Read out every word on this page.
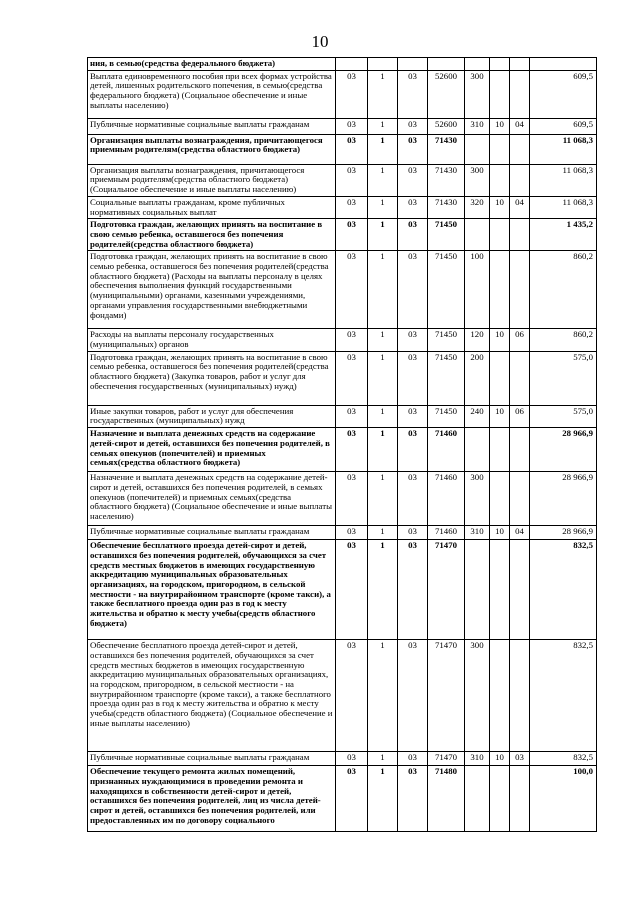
10
ния, в семью(средства федерального бюджета)								
Выплата единовременного пособия при всех формах устройства детей, лишенных родительского попечения, в семью(средства федерального бюджета) (Социальное обеспечение и иные выплаты населению)	03	1	03	52600	300			609,5
Публичные нормативные социальные выплаты гражданам	03	1	03	52600	310	10	04	609,5
Организация выплаты вознаграждения, причитающегося приемным родителям(средства областного бюджета)	03	1	03	71430				11 068,3
Организация выплаты вознаграждения, причитающегося приемным родителям(средства областного бюджета) (Социальное обеспечение и иные выплаты населению)	03	1	03	71430	300			11 068,3
Социальные выплаты гражданам, кроме публичных нормативных социальных выплат	03	1	03	71430	320	10	04	11 068,3
Подготовка граждан, желающих принять на воспитание в свою семью ребенка, оставшегося без попечения родителей(средства областного бюджета)	03	1	03	71450				1 435,2
Подготовка граждан, желающих принять на воспитание в свою семью ребенка, оставшегося без попечения родителей(средства областного бюджета) (Расходы на выплаты персоналу в целях обеспечения выполнения функций государственными (муниципальными) органами, казенными учреждениями, органами управления государственными внебюджетными фондами)	03	1	03	71450	100			860,2
Расходы на выплаты персоналу государственных (муниципальных) органов	03	1	03	71450	120	10	06	860,2
Подготовка граждан, желающих принять на воспитание в свою семью ребенка, оставшегося без попечения родителей(средства областного бюджета) (Закупка товаров, работ и услуг для обеспечения государственных (муниципальных) нужд)	03	1	03	71450	200			575,0
Иные закупки товаров, работ и услуг для обеспечения государственных (муниципальных) нужд	03	1	03	71450	240	10	06	575,0
Назначение и выплата денежных средств на содержание детей-сирот и детей, оставшихся без попечения родителей, в семьях опекунов (попечителей) и приемных семьях(средства областного бюджета)	03	1	03	71460				28 966,9
Назначение и выплата денежных средств на содержание детей-сирот и детей, оставшихся без попечения родителей, в семьях опекунов (попечителей) и приемных семьях(средства областного бюджета) (Социальное обеспечение и иные выплаты населению)	03	1	03	71460	300			28 966,9
Публичные нормативные социальные выплаты гражданам	03	1	03	71460	310	10	04	28 966,9
Обеспечение бесплатного проезда детей-сирот и детей, оставшихся без попечения родителей, обучающихся за счет средств местных бюджетов в имеющих государственную аккредитацию муниципальных образовательных организациях, на городском, пригородном, в сельской местности - на внутрирайонном транспорте (кроме такси), а также бесплатного проезда один раз в год к месту жительства и обратно к месту учебы(средств областного бюджета)	03	1	03	71470				832,5
Обеспечение бесплатного проезда детей-сирот и детей, оставшихся без попечения родителей, обучающихся за счет средств местных бюджетов в имеющих государственную аккредитацию муниципальных образовательных организациях, на городском, пригородном, в сельской местности - на внутрирайонном транспорте (кроме такси), а также бесплатного проезда один раз в год к месту жительства и обратно к месту учебы(средств областного бюджета) (Социальное обеспечение и иные выплаты населению)	03	1	03	71470	300			832,5
Публичные нормативные социальные выплаты гражданам	03	1	03	71470	310	10	03	832,5
Обеспечение текущего ремонта жилых помещений, признанных нуждающимися в проведении ремонта и находящихся в собственности детей-сирот и детей, оставшихся без попечения родителей, лиц из числа детей-сирот и детей, оставшихся без попечения родителей, или предоставленных им по договору социального	03	1	03	71480				100,0
